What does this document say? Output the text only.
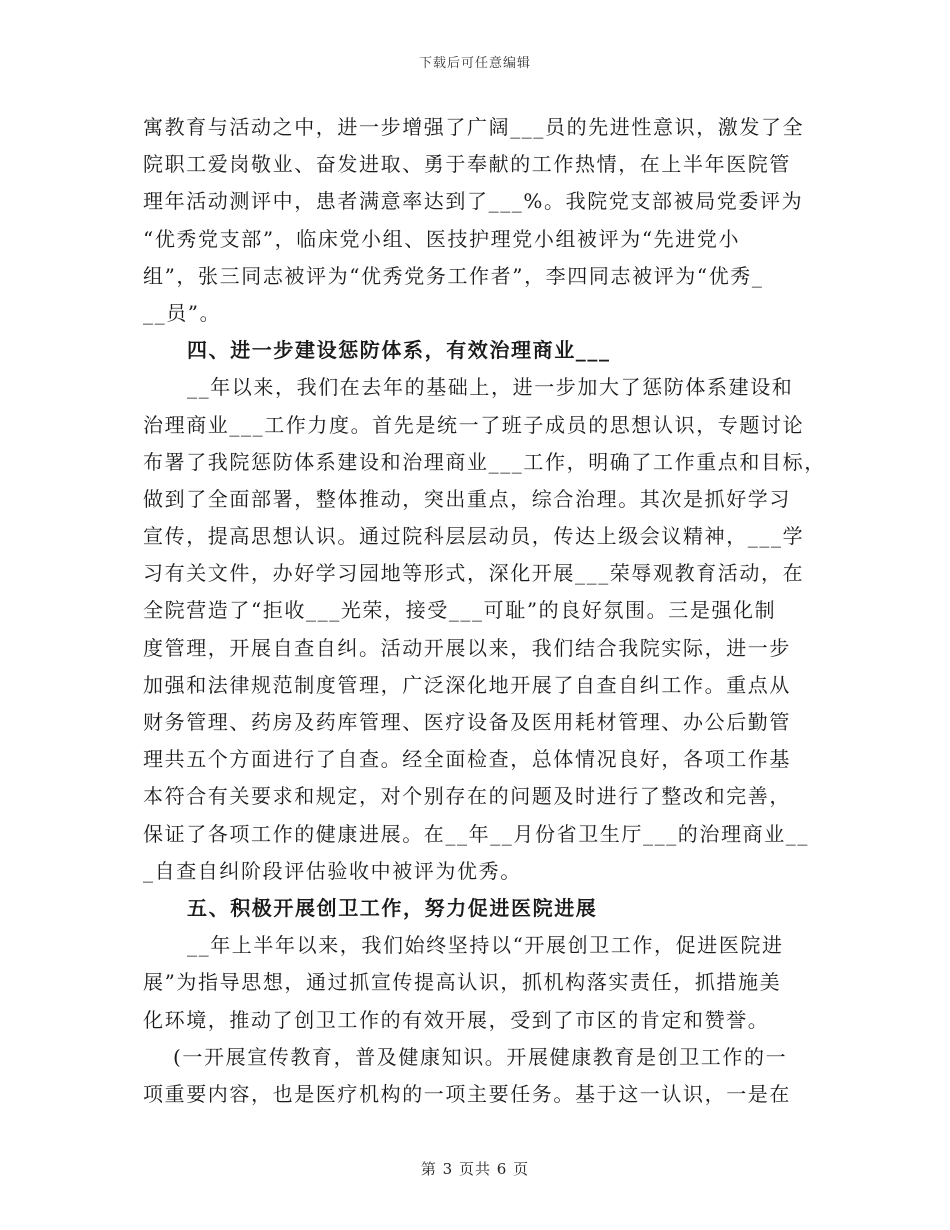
下载后可任意编辑
寓教育与活动之中，进一步增强了广阔___员的先进性意识，激发了全
院职工爱岗敬业、奋发进取、勇于奉献的工作热情，在上半年医院管
理年活动测评中，患者满意率达到了___%。我院党支部被局党委评为
“优秀党支部”，临床党小组、医技护理党小组被评为“先进党小
组”，张三同志被评为“优秀党务工作者”，李四同志被评为“优秀_
__员”。
四、进一步建设惩防体系，有效治理商业___
__年以来，我们在去年的基础上，进一步加大了惩防体系建设和
治理商业___工作力度。首先是统一了班子成员的思想认识，专题讨论
布署了我院惩防体系建设和治理商业___工作，明确了工作重点和目标，
做到了全面部署，整体推动，突出重点，综合治理。其次是抓好学习
宣传，提高思想认识。通过院科层层动员，传达上级会议精神，___学
习有关文件，办好学习园地等形式，深化开展___荣辱观教育活动，在
全院营造了“拒收___光荣，接受___可耻”的良好氛围。三是强化制
度管理，开展自查自纠。活动开展以来，我们结合我院实际，进一步
加强和法律规范制度管理，广泛深化地开展了自查自纠工作。重点从
财务管理、药房及药库管理、医疗设备及医用耗材管理、办公后勤管
理共五个方面进行了自查。经全面检查，总体情况良好，各项工作基
本符合有关要求和规定，对个别存在的问题及时进行了整改和完善，
保证了各项工作的健康进展。在__年__月份省卫生厅___的治理商业__
_自查自纠阶段评估验收中被评为优秀。
五、积极开展创卫工作，努力促进医院进展
__年上半年以来，我们始终坚持以“开展创卫工作，促进医院进
展”为指导思想，通过抓宣传提高认识，抓机构落实责任，抓措施美
化环境，推动了创卫工作的有效开展，受到了市区的肯定和赞誉。
(一开展宣传教育，普及健康知识。开展健康教育是创卫工作的一
项重要内容，也是医疗机构的一项主要任务。基于这一认识，一是在
第 3 页共 6 页
